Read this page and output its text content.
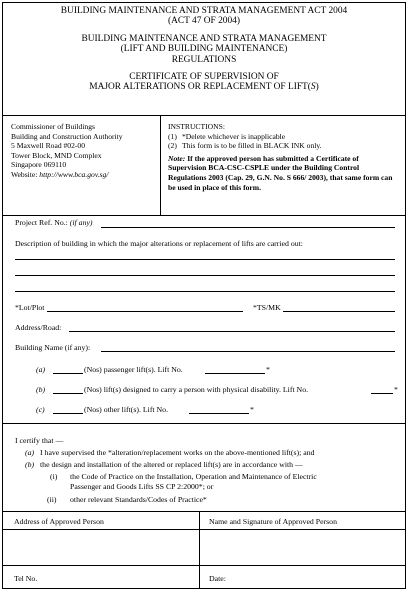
BUILDING MAINTENANCE AND STRATA MANAGEMENT ACT 2004
(ACT 47 OF 2004)
BUILDING MAINTENANCE AND STRATA MANAGEMENT
(LIFT AND BUILDING MAINTENANCE)
REGULATIONS
CERTIFICATE OF SUPERVISION OF
MAJOR ALTERATIONS OR REPLACEMENT OF LIFT(S)
Commissioner of Buildings
Building and Construction Authority
5 Maxwell Road #02-00
Tower Block, MND Complex
Singapore 069110
Website: http://www.bca.gov.sg/
INSTRUCTIONS:
(1) *Delete whichever is inapplicable
(2) This form is to be filled in BLACK INK only.
Note: If the approved person has submitted a Certificate of Supervision BCA-CSC-CSPLE under the Building Control Regulations 2003 (Cap. 29, G.N. No. S 666/ 2003), that same form can be used in place of this form.
Project Ref. No.: (if any)
Description of building in which the major alterations or replacement of lifts are carried out:
*Lot/Plot	*TS/MK
Address/Road:
Building Name (if any):
(a)	(Nos) passenger lift(s). Lift No.	*
(b)	(Nos) lift(s) designed to carry a person with physical disability. Lift No.	*
(c)	(Nos) other lift(s). Lift No.	*
I certify that —
(a) I have supervised the *alteration/replacement works on the above-mentioned lift(s); and
(b) the design and installation of the altered or replaced lift(s) are in accordance with —
(i) the Code of Practice on the Installation, Operation and Maintenance of Electric
Passenger and Goods Lifts SS CP 2:2000*; or
(ii) other relevant Standards/Codes of Practice*
Address of Approved Person	Name and Signature of Approved Person
Tel No.	Date:
